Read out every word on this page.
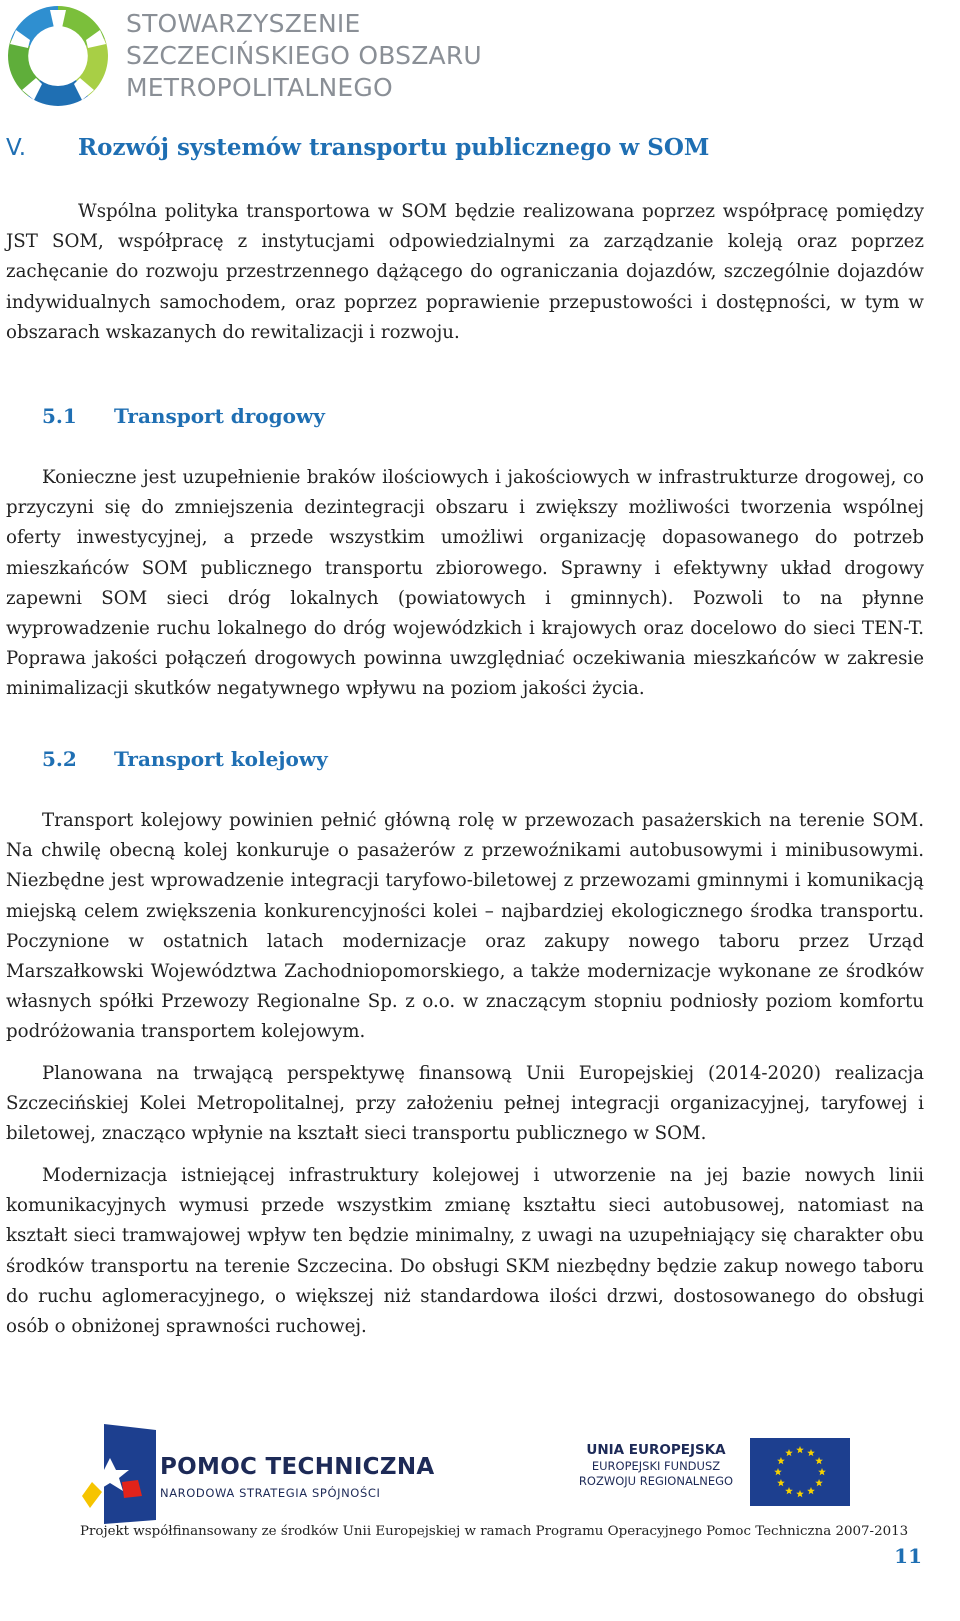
STOWARZYSZENIE
SZCZECIŃSKIEGO OBSZARU
METROPOLITALNEGO
V. Rozwój systemów transportu publicznego w SOM
Wspólna polityka transportowa w SOM będzie realizowana poprzez współpracę pomiędzy JST SOM, współpracę z instytucjami odpowiedzialnymi za zarządzanie koleją oraz poprzez zachęcanie do rozwoju przestrzennego dążącego do ograniczania dojazdów, szczególnie dojazdów indywidualnych samochodem, oraz poprzez poprawienie przepustowości i dostępności, w tym w obszarach wskazanych do rewitalizacji i rozwoju.
5.1 Transport drogowy
Konieczne jest uzupełnienie braków ilościowych i jakościowych w infrastrukturze drogowej, co przyczyni się do zmniejszenia dezintegracji obszaru i zwiększy możliwości tworzenia wspólnej oferty inwestycyjnej, a przede wszystkim umożliwi organizację dopasowanego do potrzeb mieszkańców SOM publicznego transportu zbiorowego. Sprawny i efektywny układ drogowy zapewni SOM sieci dróg lokalnych (powiatowych i gminnych). Pozwoli to na płynne wyprowadzenie ruchu lokalnego do dróg wojewódzkich i krajowych oraz docelowo do sieci TEN-T. Poprawa jakości połączeń drogowych powinna uwzględniać oczekiwania mieszkańców w zakresie minimalizacji skutków negatywnego wpływu na poziom jakości życia.
5.2 Transport kolejowy
Transport kolejowy powinien pełnić główną rolę w przewozach pasażerskich na terenie SOM. Na chwilę obecną kolej konkuruje o pasażerów z przewoźnikami autobusowymi i minibusowymi. Niezbędne jest wprowadzenie integracji taryfowo-biletowej z przewozami gminnymi i komunikacją miejską celem zwiększenia konkurencyjności kolei – najbardziej ekologicznego środka transportu. Poczynione w ostatnich latach modernizacje oraz zakupy nowego taboru przez Urząd Marszałkowski Województwa Zachodniopomorskiego, a także modernizacje wykonane ze środków własnych spółki Przewozy Regionalne Sp. z o.o. w znaczącym stopniu podniosły poziom komfortu podróżowania transportem kolejowym.
Planowana na trwającą perspektywę finansową Unii Europejskiej (2014-2020) realizacja Szczecińskiej Kolei Metropolitalnej, przy założeniu pełnej integracji organizacyjnej, taryfowej i biletowej, znacząco wpłynie na kształt sieci transportu publicznego w SOM.
Modernizacja istniejącej infrastruktury kolejowej i utworzenie na jej bazie nowych linii komunikacyjnych wymusi przede wszystkim zmianę kształtu sieci autobusowej, natomiast na kształt sieci tramwajowej wpływ ten będzie minimalny, z uwagi na uzupełniający się charakter obu środków transportu na terenie Szczecina. Do obsługi SKM niezbędny będzie zakup nowego taboru do ruchu aglomeracyjnego, o większej niż standardowa ilości drzwi, dostosowanego do obsługi osób o obniżonej sprawności ruchowej.
POMOC TECHNICZNA
NARODOWA STRATEGIA SPÓJNOŚCI
UNIA EUROPEJSKA
EUROPEJSKI FUNDUSZ
ROZWOJU REGIONALNEGO
Projekt współfinansowany ze środków Unii Europejskiej w ramach Programu Operacyjnego Pomoc Techniczna 2007-2013
11
